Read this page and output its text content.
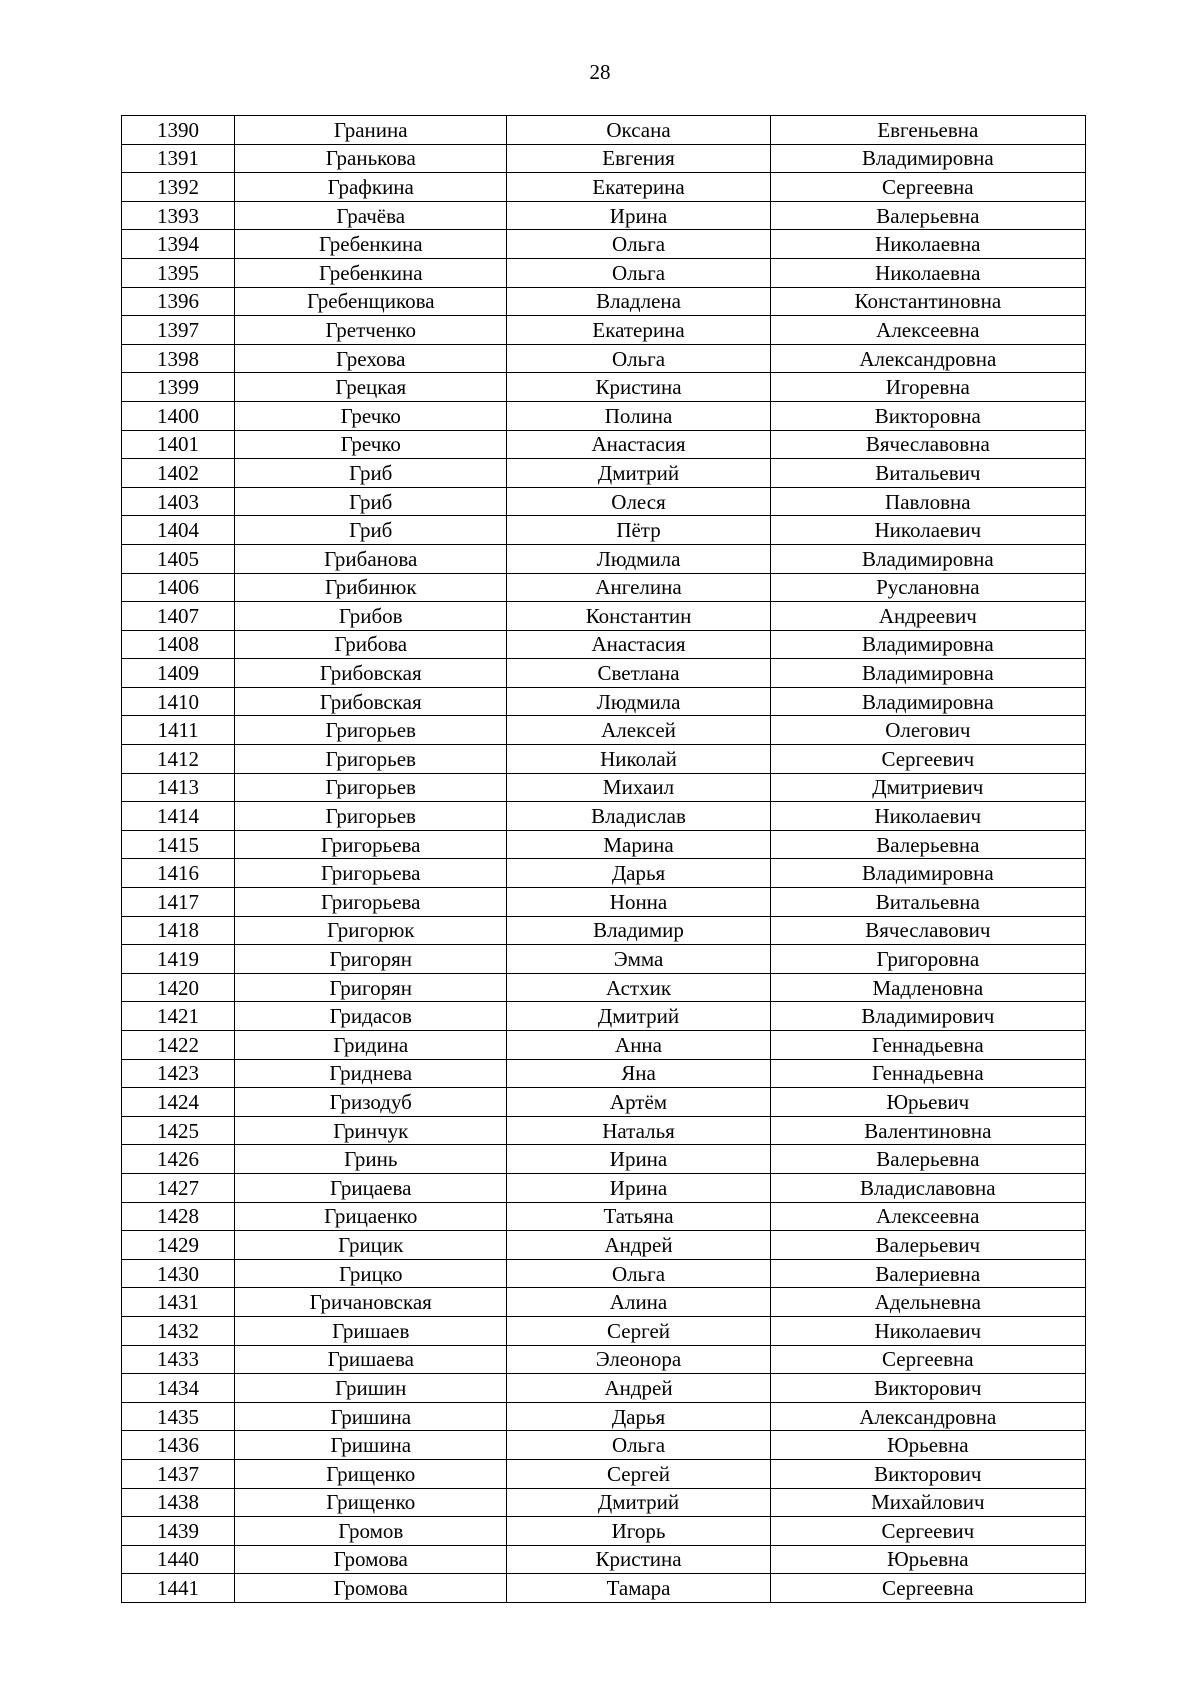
28
1390	Гранина	Оксана	Евгеньевна
1391	Гранькова	Евгения	Владимировна
1392	Графкина	Екатерина	Сергеевна
1393	Грачёва	Ирина	Валерьевна
1394	Гребенкина	Ольга	Николаевна
1395	Гребенкина	Ольга	Николаевна
1396	Гребенщикова	Владлена	Константиновна
1397	Гретченко	Екатерина	Алексеевна
1398	Грехова	Ольга	Александровна
1399	Грецкая	Кристина	Игоревна
1400	Гречко	Полина	Викторовна
1401	Гречко	Анастасия	Вячеславовна
1402	Гриб	Дмитрий	Витальевич
1403	Гриб	Олеся	Павловна
1404	Гриб	Пётр	Николаевич
1405	Грибанова	Людмила	Владимировна
1406	Грибинюк	Ангелина	Руслановна
1407	Грибов	Константин	Андреевич
1408	Грибова	Анастасия	Владимировна
1409	Грибовская	Светлана	Владимировна
1410	Грибовская	Людмила	Владимировна
1411	Григорьев	Алексей	Олегович
1412	Григорьев	Николай	Сергеевич
1413	Григорьев	Михаил	Дмитриевич
1414	Григорьев	Владислав	Николаевич
1415	Григорьева	Марина	Валерьевна
1416	Григорьева	Дарья	Владимировна
1417	Григорьева	Нонна	Витальевна
1418	Григорюк	Владимир	Вячеславович
1419	Григорян	Эмма	Григоровна
1420	Григорян	Астхик	Мадленовна
1421	Гридасов	Дмитрий	Владимирович
1422	Гридина	Анна	Геннадьевна
1423	Гриднева	Яна	Геннадьевна
1424	Гризодуб	Артём	Юрьевич
1425	Гринчук	Наталья	Валентиновна
1426	Гринь	Ирина	Валерьевна
1427	Грицаева	Ирина	Владиславовна
1428	Грицаенко	Татьяна	Алексеевна
1429	Грицик	Андрей	Валерьевич
1430	Грицко	Ольга	Валериевна
1431	Гричановская	Алина	Адельневна
1432	Гришаев	Сергей	Николаевич
1433	Гришаева	Элеонора	Сергеевна
1434	Гришин	Андрей	Викторович
1435	Гришина	Дарья	Александровна
1436	Гришина	Ольга	Юрьевна
1437	Грищенко	Сергей	Викторович
1438	Грищенко	Дмитрий	Михайлович
1439	Громов	Игорь	Сергеевич
1440	Громова	Кристина	Юрьевна
1441	Громова	Тамара	Сергеевна
